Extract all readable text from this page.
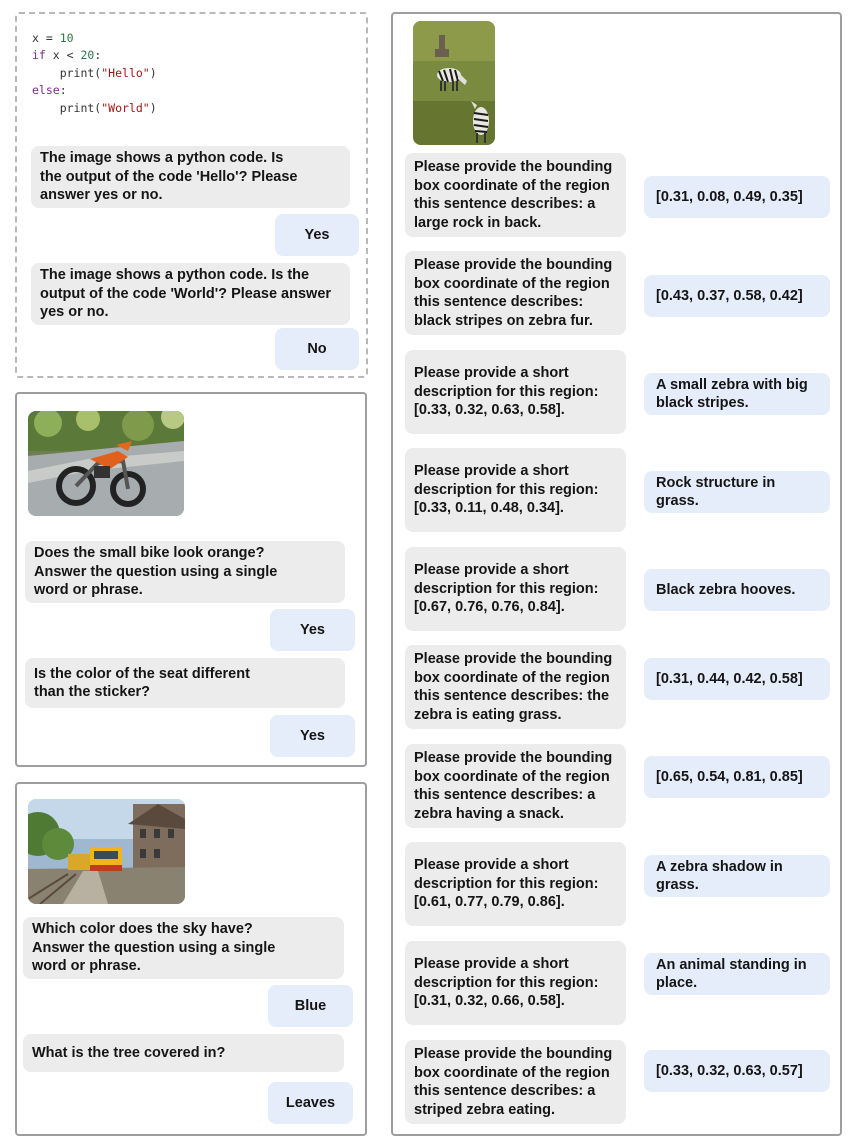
x = 10
if x < 20:
print("Hello")
else:
print("World")
The image shows a python code. Is the output of the code 'Hello'? Please answer yes or no.
Yes
The image shows a python code. Is the output of the code 'World'? Please answer yes or no.
No
Does the small bike look orange? Answer the question using a single word or phrase.
Yes
Is the color of the seat different than the sticker?
Yes
Which color does the sky have? Answer the question using a single word or phrase.
Blue
What is the tree covered in?
Leaves
Please provide the bounding box coordinate of the region this sentence describes: a large rock in back.
[0.31, 0.08, 0.49, 0.35]
Please provide the bounding box coordinate of the region this sentence describes: black stripes on zebra fur.
[0.43, 0.37, 0.58, 0.42]
Please provide a short description for this region: [0.33, 0.32, 0.63, 0.58].
A small zebra with big black stripes.
Please provide a short description for this region: [0.33, 0.11, 0.48, 0.34].
Rock structure in grass.
Please provide a short description for this region: [0.67, 0.76, 0.76, 0.84].
Black zebra hooves.
Please provide the bounding box coordinate of the region this sentence describes: the zebra is eating grass.
[0.31, 0.44, 0.42, 0.58]
Please provide the bounding box coordinate of the region this sentence describes: a zebra having a snack.
[0.65, 0.54, 0.81, 0.85]
Please provide a short description for this region: [0.61, 0.77, 0.79, 0.86].
A zebra shadow in grass.
Please provide a short description for this region: [0.31, 0.32, 0.66, 0.58].
An animal standing in place.
Please provide the bounding box coordinate of the region this sentence describes: a striped zebra eating.
[0.33, 0.32, 0.63, 0.57]
